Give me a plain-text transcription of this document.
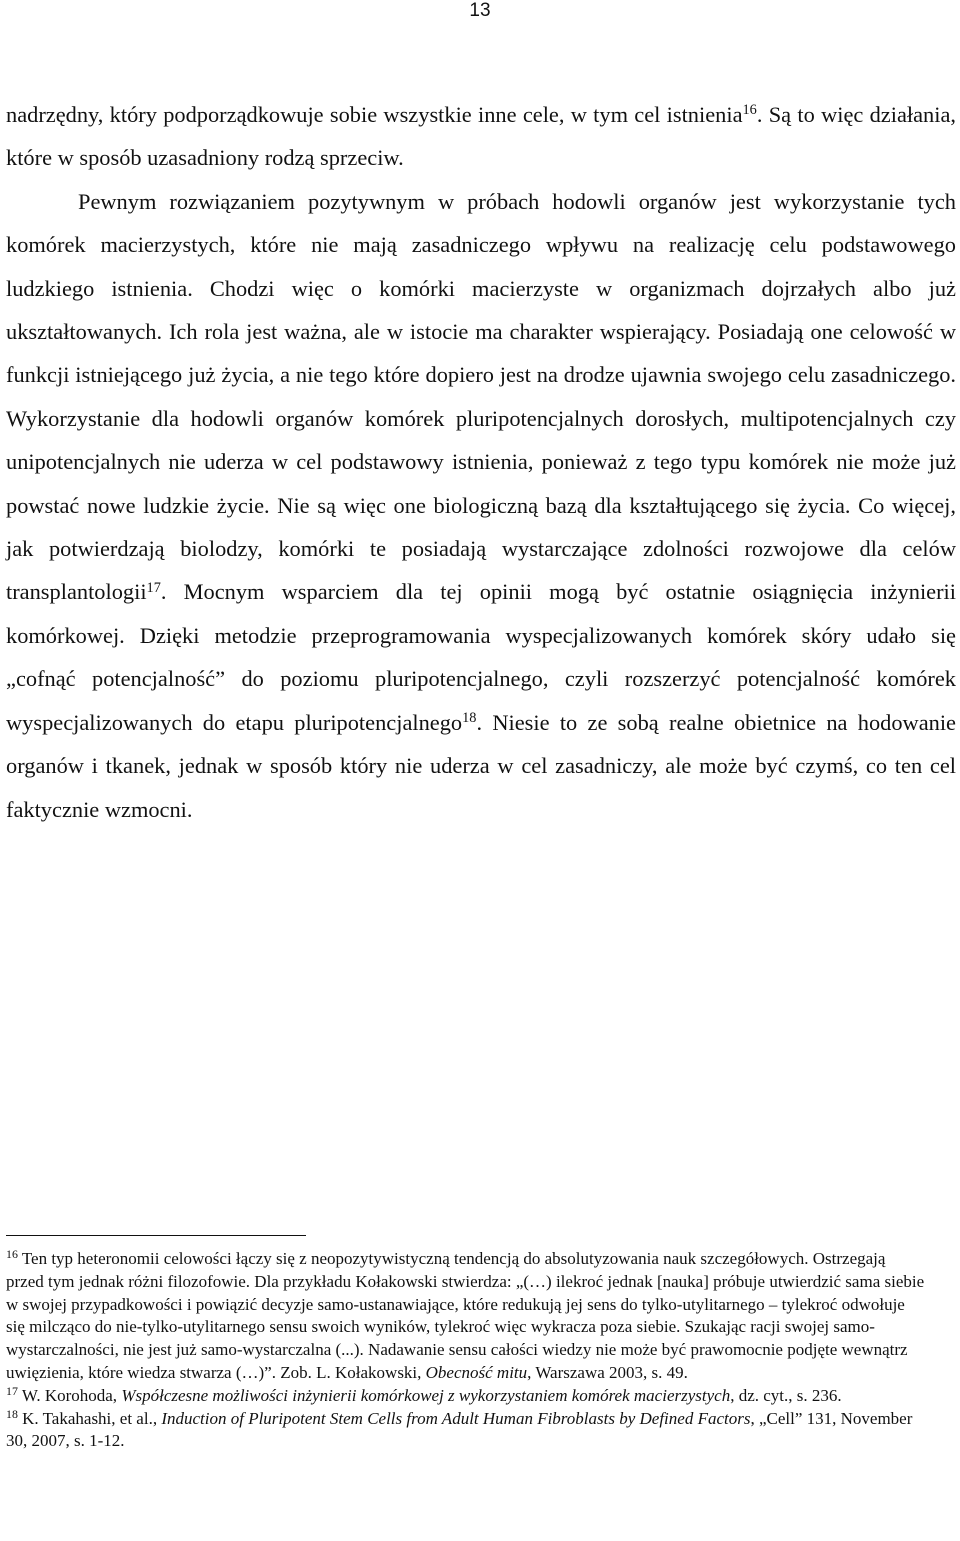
13

nadrzędny, który podporządkowuje sobie wszystkie inne cele, w tym cel istnienia$^{16}$. Są to więc działania, które w sposób uzasadniony rodzą sprzeciw.

Pewnym rozwiązaniem pozytywnym w próbach hodowli organów jest wykorzystanie tych komórek macierzystych, które nie mają zasadniczego wpływu na realizację celu podstawowego ludzkiego istnienia. Chodzi więc o komórki macierzyste w organizmach dojrzałych albo już ukształtowanych. Ich rola jest ważna, ale w istocie ma charakter wspierający. Posiadają one celowość w funkcji istniejącego już życia, a nie tego które dopiero jest na drodze ujawnia swojego celu zasadniczego. Wykorzystanie dla hodowli organów komórek pluripotencjalnych dorosłych, multipotencjalnych czy unipotencjalnych nie uderza w cel podstawowy istnienia, ponieważ z tego typu komórek nie może już powstać nowe ludzkie życie. Nie są więc one biologiczną bazą dla kształtującego się życia. Co więcej, jak potwierdzają biolodzy, komórki te posiadają wystarczające zdolności rozwojowe dla celów transplantologii$^{17}$. Mocnym wsparciem dla tej opinii mogą być ostatnie osiągnięcia inżynierii komórkowej. Dzięki metodzie przeprogramowania wyspecjalizowanych komórek skóry udało się „cofnąć potencjalność” do poziomu pluripotencjalnego, czyli rozszerzyć potencjalność komórek wyspecjalizowanych do etapu pluripotencjalnego$^{18}$. Niesie to ze sobą realne obietnice na hodowanie organów i tkanek, jednak w sposób który nie uderza w cel zasadniczy, ale może być czymś, co ten cel faktycznie wzmocni.

$^{16}$ Ten typ heteronomii celowości łączy się z neopozytywistyczną tendencją do absolutyzowania nauk szczegółowych. Ostrzegają przed tym jednak różni filozofowie. Dla przykładu Kołakowski stwierdza: „(…) ilekroć jednak [nauka] próbuje utwierdzić sama siebie w swojej przypadkowości i powiązić decyzje samo-ustanawiające, które redukują jej sens do tylko-utylitarnego – tylekroć odwołuje się milcząco do nie-tylko-utylitarnego sensu swoich wyników, tylekroć więc wykracza poza siebie. Szukając racji swojej samo-wystarczalności, nie jest już samo-wystarczalna (...). Nadawanie sensu całości wiedzy nie może być prawomocnie podjęte wewnątrz uwięzienia, które wiedza stwarza (…)”. Zob. L. Kołakowski, Obecność mitu, Warszawa 2003, s. 49.

$^{17}$ W. Korohoda, Współczesne możliwości inżynierii komórkowej z wykorzystaniem komórek macierzystych, dz. cyt., s. 236.

$^{18}$ K. Takahashi, et al., Induction of Pluripotent Stem Cells from Adult Human Fibroblasts by Defined Factors, „Cell” 131, November 30, 2007, s. 1-12.
